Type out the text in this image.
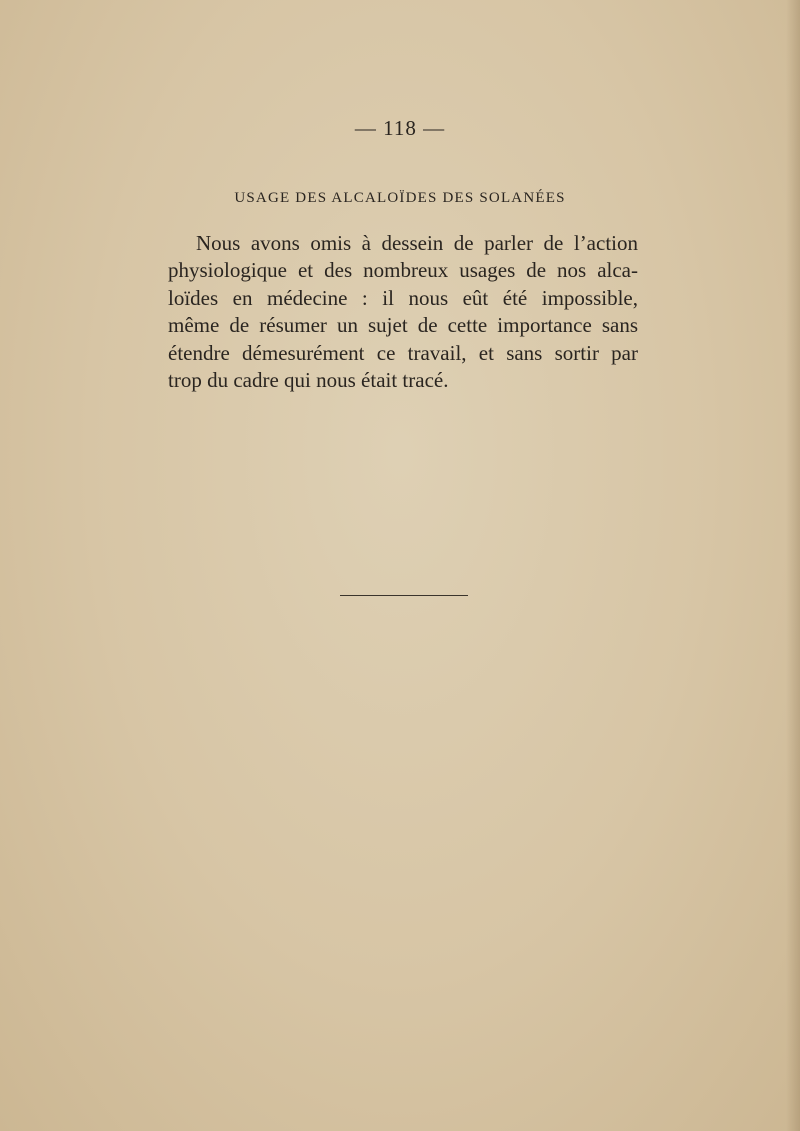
— 118 —
USAGE DES ALCALOÏDES DES SOLANÉES
Nous avons omis à dessein de parler de l’action
physiologique et des nombreux usages de nos alca-
loïdes en médecine : il nous eût été impossible,
même de résumer un sujet de cette importance sans
étendre démesurément ce travail, et sans sortir par
trop du cadre qui nous était tracé.
